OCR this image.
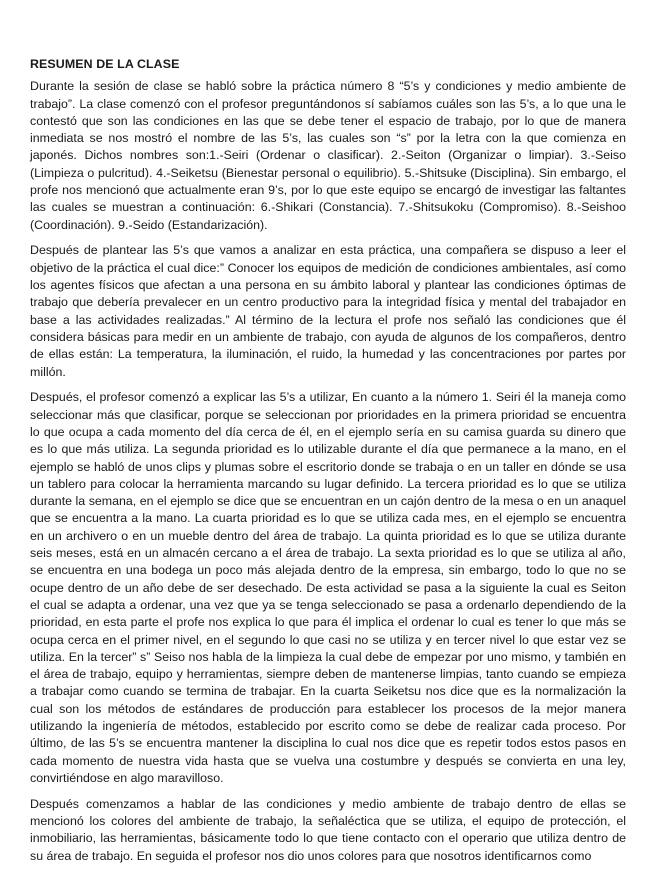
RESUMEN DE LA CLASE

Durante la sesión de clase se habló sobre la práctica número 8 “5’s y condiciones y medio ambiente de trabajo”. La clase comenzó con el profesor preguntándonos sí sabíamos cuáles son las 5’s, a lo que una le contestó que son las condiciones en las que se debe tener el espacio de trabajo, por lo que de manera inmediata se nos mostró el nombre de las 5’s, las cuales son “s” por la letra con la que comienza en japonés. Dichos nombres son:1.-Seiri (Ordenar o clasificar). 2.-Seiton (Organizar o limpiar). 3.-Seiso (Limpieza o pulcritud). 4.-Seiketsu (Bienestar personal o equilibrio). 5.-Shitsuke (Disciplina). Sin embargo, el profe nos mencionó que actualmente eran 9’s, por lo que este equipo se encargó de investigar las faltantes las cuales se muestran a continuación: 6.-Shikari (Constancia). 7.-Shitsukoku (Compromiso). 8.-Seishoo (Coordinación). 9.-Seido (Estandarización).

Después de plantear las 5’s que vamos a analizar en esta práctica, una compañera se dispuso a leer el objetivo de la práctica el cual dice:” Conocer los equipos de medición de condiciones ambientales, así como los agentes físicos que afectan a una persona en su ámbito laboral y plantear las condiciones óptimas de trabajo que debería prevalecer en un centro productivo para la integridad física y mental del trabajador en base a las actividades realizadas.” Al término de la lectura el profe nos señaló las condiciones que él considera básicas para medir en un ambiente de trabajo, con ayuda de algunos de los compañeros, dentro de ellas están: La temperatura, la iluminación, el ruido, la humedad y las concentraciones por partes por millón.

Después, el profesor comenzó a explicar las 5’s a utilizar, En cuanto a la número 1. Seiri él la maneja como seleccionar más que clasificar, porque se seleccionan por prioridades en la primera prioridad se encuentra lo que ocupa a cada momento del día cerca de él, en el ejemplo sería en su camisa guarda su dinero que es lo que más utiliza. La segunda prioridad es lo utilizable durante el día que permanece a la mano, en el ejemplo se habló de unos clips y plumas sobre el escritorio donde se trabaja o en un taller en dónde se usa un tablero para colocar la herramienta marcando su lugar definido. La tercera prioridad es lo que se utiliza durante la semana, en el ejemplo se dice que se encuentran en un cajón dentro de la mesa o en un anaquel que se encuentra a la mano. La cuarta prioridad es lo que se utiliza cada mes, en el ejemplo se encuentra en un archivero o en un mueble dentro del área de trabajo. La quinta prioridad es lo que se utiliza durante seis meses, está en un almacén cercano a el área de trabajo. La sexta prioridad es lo que se utiliza al año, se encuentra en una bodega un poco más alejada dentro de la empresa, sin embargo, todo lo que no se ocupe dentro de un año debe de ser desechado. De esta actividad se pasa a la siguiente la cual es Seiton el cual se adapta a ordenar, una vez que ya se tenga seleccionado se pasa a ordenarlo dependiendo de la prioridad, en esta parte el profe nos explica lo que para él implica el ordenar lo cual es tener lo que más se ocupa cerca en el primer nivel, en el segundo lo que casi no se utiliza y en tercer nivel lo que estar vez se utiliza. En la tercer” s” Seiso nos habla de la limpieza la cual debe de empezar por uno mismo, y también en el área de trabajo, equipo y herramientas, siempre deben de mantenerse limpias, tanto cuando se empieza a trabajar como cuando se termina de trabajar. En la cuarta Seiketsu nos dice que es la normalización la cual son los métodos de estándares de producción para establecer los procesos de la mejor manera utilizando la ingeniería de métodos, establecido por escrito como se debe de realizar cada proceso. Por último, de las 5’s se encuentra mantener la disciplina lo cual nos dice que es repetir todos estos pasos en cada momento de nuestra vida hasta que se vuelva una costumbre y después se convierta en una ley, convirtiéndose en algo maravilloso.

Después comenzamos a hablar de las condiciones y medio ambiente de trabajo dentro de ellas se mencionó los colores del ambiente de trabajo, la señaléctica que se utiliza, el equipo de protección, el inmobiliario, las herramientas, básicamente todo lo que tiene contacto con el operario que utiliza dentro de su área de trabajo. En seguida el profesor nos dio unos colores para que nosotros identificarnos como
